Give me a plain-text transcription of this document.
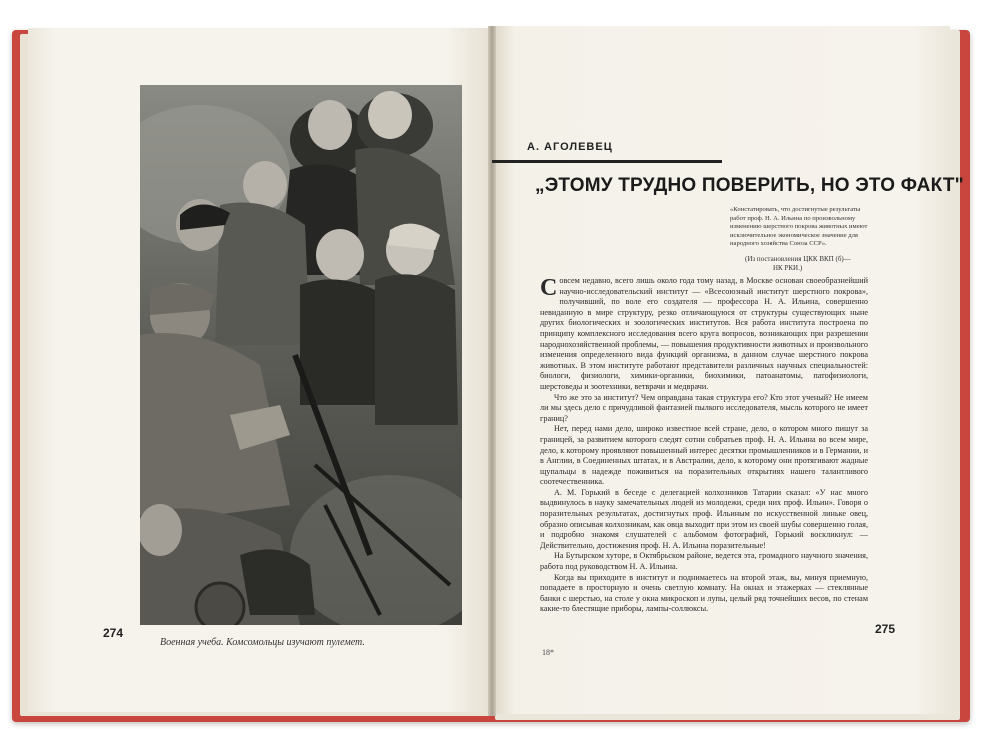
Военная учеба. Комсомольцы изучают пулемет.
274
А. АГОЛЕВЕЦ
„ЭТОМУ ТРУДНО ПОВЕРИТЬ, НО ЭТО ФАКТ"
«Констатировать, что достигнутые результаты работ проф. Н. А. Ильина по произвольному изменению шерстного покрова животных имеют исключительное экономическое значение для народного хозяйства Союза ССР».
(Из постановления ЦКК ВКП (б)—
НК РКИ.)

Совсем недавно, всего лишь около года тому назад, в Москве основан своеобразнейший научно-исследовательский институт — «Всесоюзный институт шерстного покрова», получивший, по воле его создателя — профессора Н. А. Ильина, совершенно невиданную в мире структуру, резко отличающуюся от структуры существующих ныне других биологических и зоологических институтов. Вся работа института построена по принципу комплексного исследования всего круга вопросов, возникающих при разрешении народнохозяйственной проблемы, — повышения продуктивности животных и произвольного изменения определенного вида функций организма, в данном случае шерстного покрова животных. В этом институте работают представители различных научных специальностей: биологи, физиологи, химики-органики, биохимики, патоанатомы, патофизиологи, шерстоведы и зоотехники, ветврачи и медврачи.

Что же это за институт? Чем оправдана такая структура его? Кто этот ученый? Не имеем ли мы здесь дело с причудливой фантазией пылкого исследователя, мысль которого не имеет границ?

Нет, перед нами дело, широко известное всей стране, дело, о котором много пишут за границей, за развитием которого следят сотни собратьев проф. Н. А. Ильина во всем мире, дело, к которому проявляют повышенный интерес десятки промышленников и в Германии, и в Англии, в Соединенных штатах, и в Австралии, дело, к которому они протягивают жадные щупальцы в надежде поживиться на поразительных открытиях нашего талантливого соотечественника.

А. М. Горький в беседе с делегацией колхозников Татарии сказал: «У нас много выдвинулось в науку замечательных людей из молодежи, среди них проф. Ильин». Говоря о поразительных результатах, достигнутых проф. Ильиным по искусственной линьке овец, образно описывая колхозникам, как овца выходит при этом из своей шубы совершенно голая, и подробно знакомя слушателей с альбомом фотографий, Горький воскликнул: — Действительно, достижения проф. Н. А. Ильина поразительные!

На Бутырском хуторе, в Октябрьском районе, ведется эта, громадного научного значения, работа под руководством Н. А. Ильина.

Когда вы приходите в институт и поднимаетесь на второй этаж, вы, минуя приемную, попадаете в просторную и очень светлую комнату. На окнах и этажерках — стеклянные банки с шерстью, на столе у окна микроскоп и лупы, целый ряд точнейших весов, по стенам какие-то блестящие приборы, лампы-соллюксы.

18*
275
